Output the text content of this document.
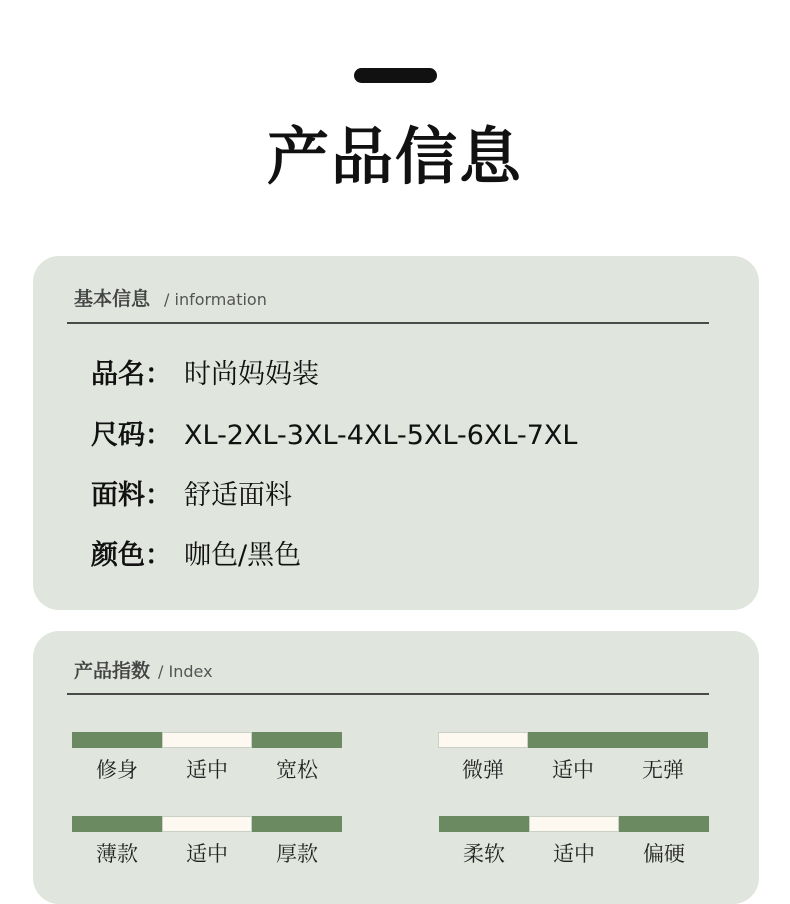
产品信息
基本信息 / information
品名： 时尚妈妈装
尺码： XL-2XL-3XL-4XL-5XL-6XL-7XL
面料： 舒适面料
颜色： 咖色/黑色
产品指数 / Index
修身	适中	宽松	微弹	适中	无弹
薄款	适中	厚款	柔软	适中	偏硬
